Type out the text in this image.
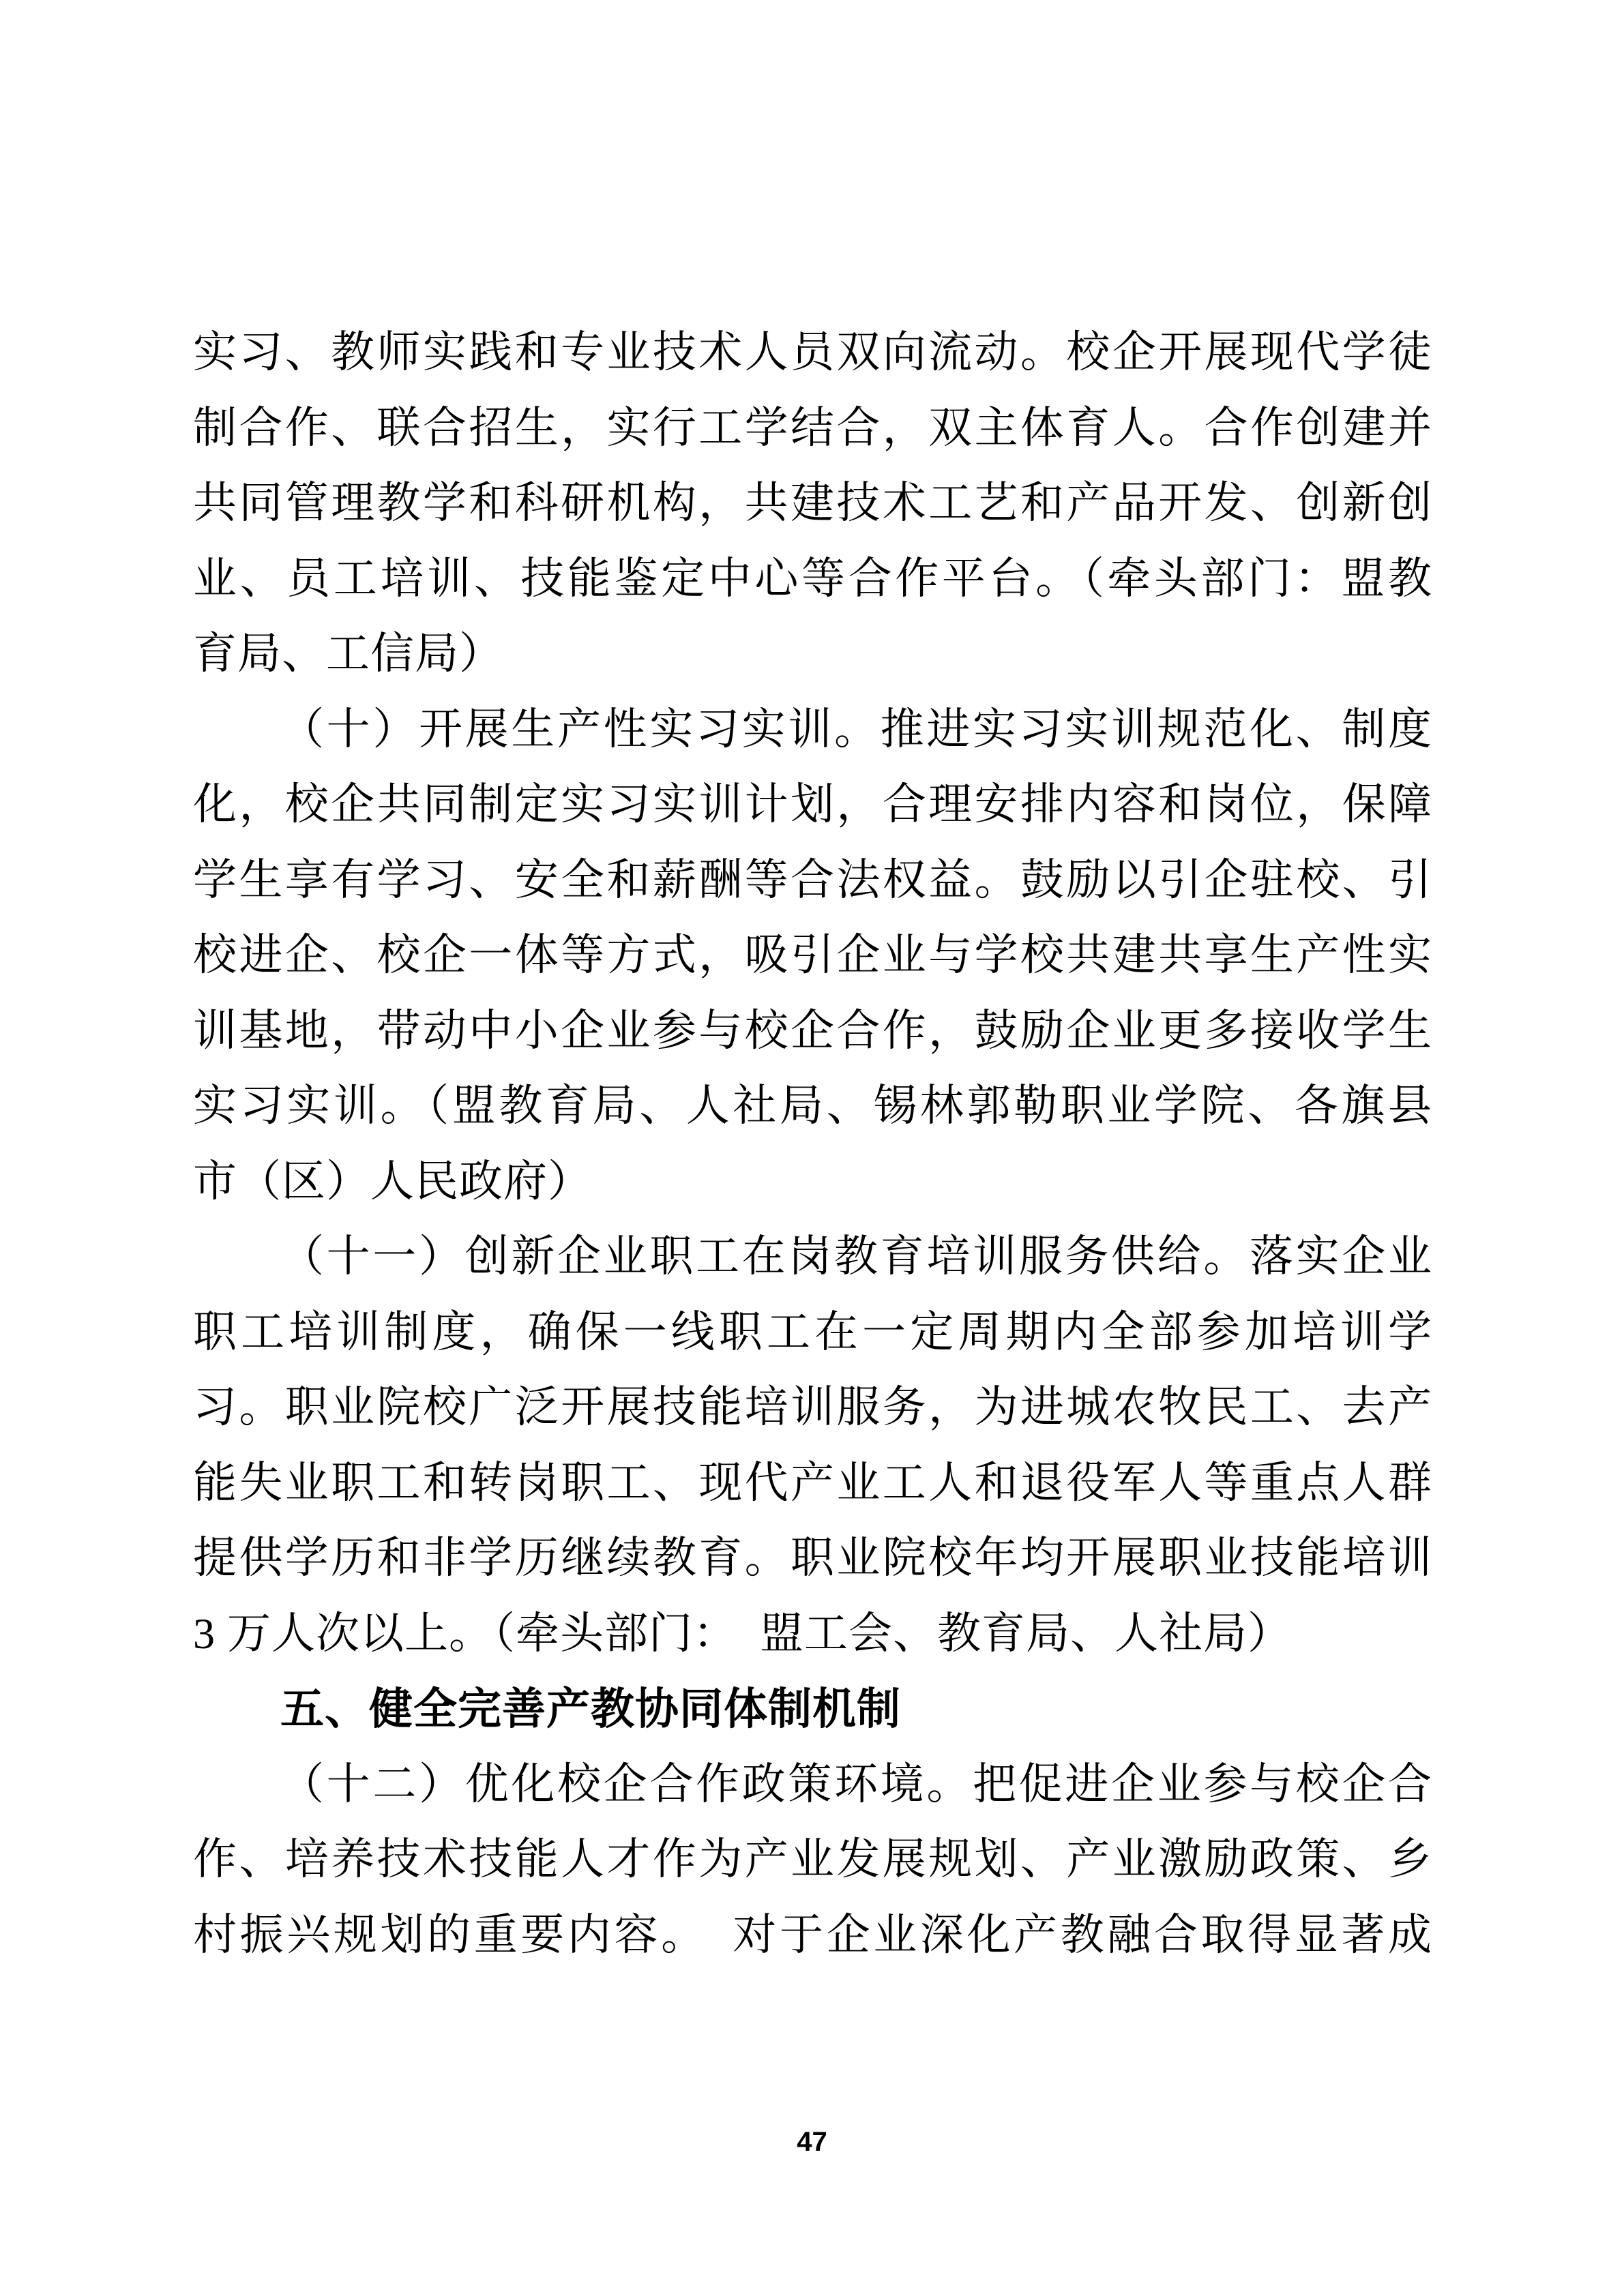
实习、教师实践和专业技术人员双向流动。校企开展现代学徒
制合作、联合招生，实行工学结合，双主体育人。合作创建并
共同管理教学和科研机构，共建技术工艺和产品开发、创新创
业、员工培训、技能鉴定中心等合作平台。（牵头部门：盟教
育局、工信局）
（十）开展生产性实习实训。推进实习实训规范化、制度
化，校企共同制定实习实训计划，合理安排内容和岗位，保障
学生享有学习、安全和薪酬等合法权益。鼓励以引企驻校、引
校进企、校企一体等方式，吸引企业与学校共建共享生产性实
训基地，带动中小企业参与校企合作，鼓励企业更多接收学生
实习实训。（盟教育局、人社局、锡林郭勒职业学院、各旗县
市（区）人民政府）
（十一）创新企业职工在岗教育培训服务供给。落实企业
职工培训制度，确保一线职工在一定周期内全部参加培训学
习。职业院校广泛开展技能培训服务，为进城农牧民工、去产
能失业职工和转岗职工、现代产业工人和退役军人等重点人群
提供学历和非学历继续教育。职业院校年均开展职业技能培训
3 万人次以上。（牵头部门：　盟工会、教育局、人社局）
五、健全完善产教协同体制机制
（十二）优化校企合作政策环境。把促进企业参与校企合
作、培养技术技能人才作为产业发展规划、产业激励政策、乡
村振兴规划的重要内容。　对于企业深化产教融合取得显著成
47
